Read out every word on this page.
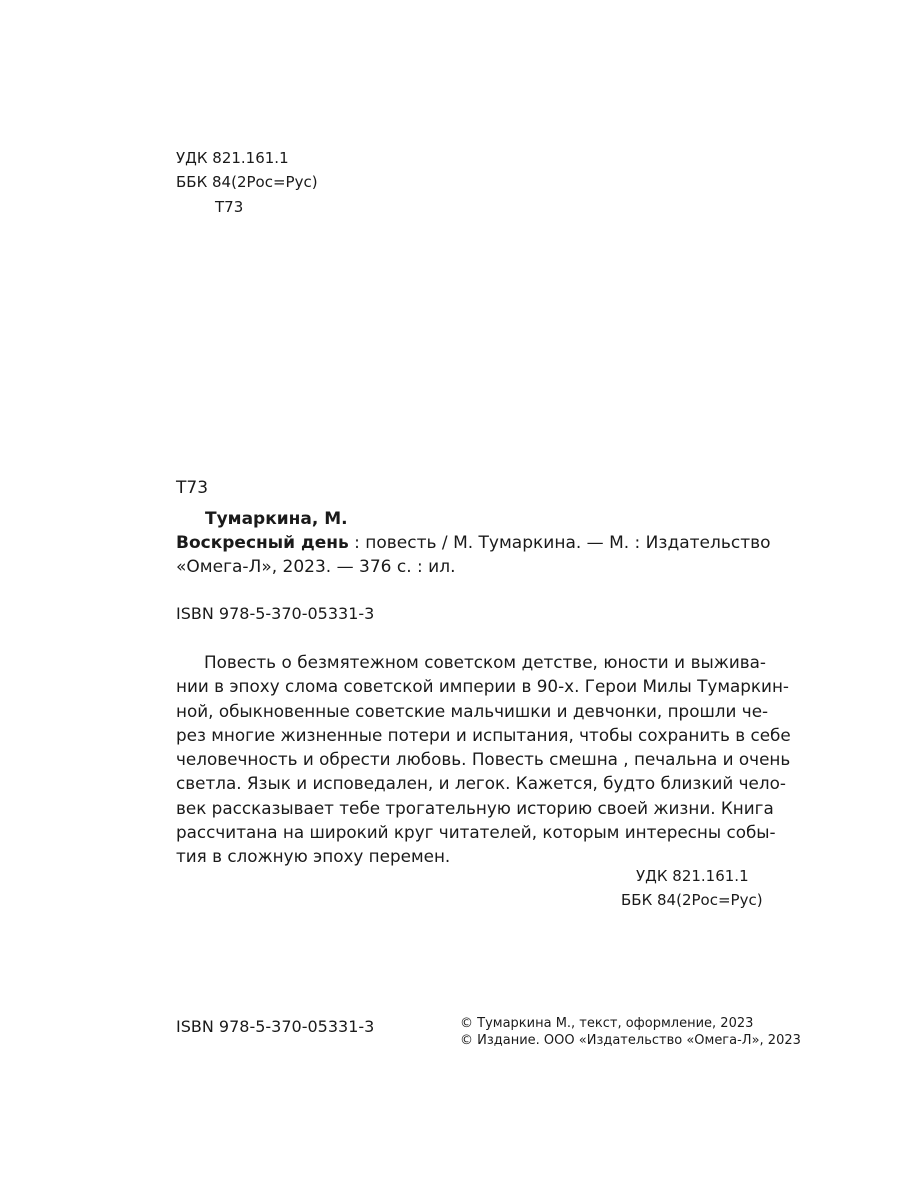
УДК 821.161.1
ББК 84(2Рос=Рус)
Т73
Т73
Тумаркина, М.
Воскресный день : повесть / М. Тумаркина. — М. : Издательство
«Омега-Л», 2023. — 376 с. : ил.
ISBN 978-5-370-05331-3
Повесть о безмятежном советском детстве, юности и выжива-
нии в эпоху слома советской империи в 90-х. Герои Милы Тумаркин-
ной, обыкновенные советские мальчишки и девчонки, прошли че-
рез многие жизненные потери и испытания, чтобы сохранить в себе
человечность и обрести любовь. Повесть смешна , печальна и очень
светла. Язык и исповедален, и легок. Кажется, будто близкий чело-
век рассказывает тебе трогательную историю своей жизни. Книга
рассчитана на широкий круг читателей, которым интересны собы-
тия в сложную эпоху перемен.
УДК 821.161.1
ББК 84(2Рос=Рус)
ISBN 978-5-370-05331-3	© Тумаркина М., текст, оформление, 2023
© Издание. ООО «Издательство «Омега-Л», 2023
